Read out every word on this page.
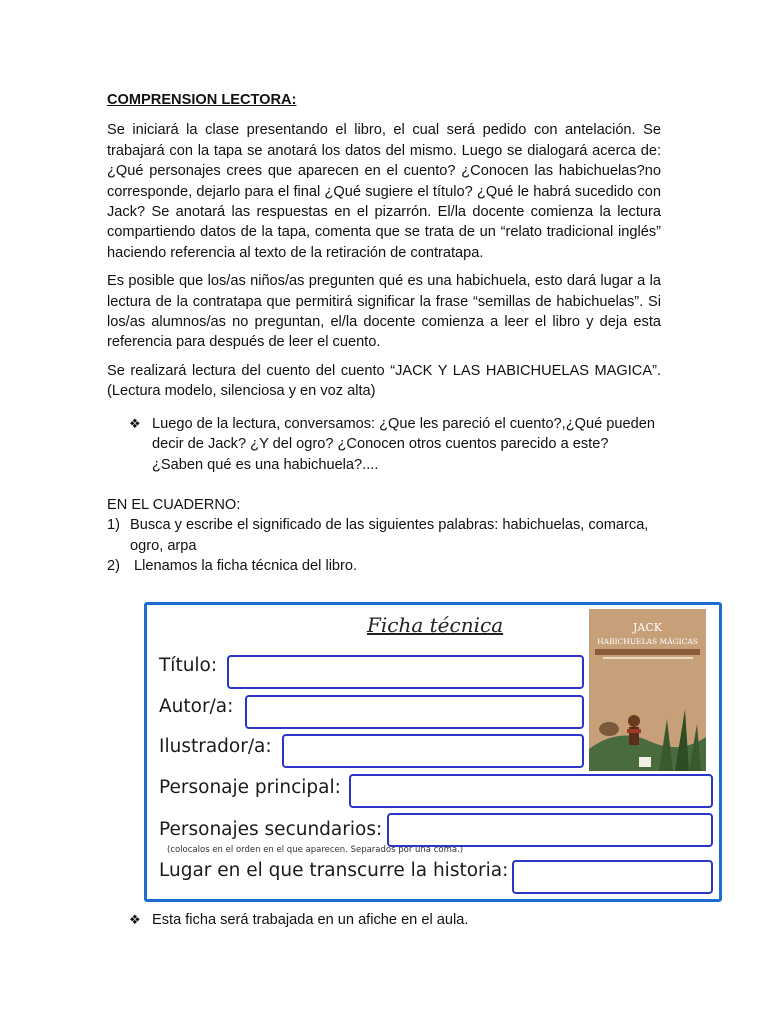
COMPRENSION LECTORA:

Se iniciará la clase presentando el libro, el cual será pedido con antelación. Se trabajará con la tapa se anotará los datos del mismo. Luego se dialogará acerca de: ¿Qué personajes crees que aparecen en el cuento? ¿Conocen las habichuelas?no corresponde, dejarlo para el final ¿Qué sugiere el título? ¿Qué le habrá sucedido con Jack? Se anotará las respuestas en el pizarrón. El/la docente comienza la lectura compartiendo datos de la tapa, comenta que se trata de un “relato tradicional inglés” haciendo referencia al texto de la retiración de contratapa.

Es posible que los/as niños/as pregunten qué es una habichuela, esto dará lugar a la lectura de la contratapa que permitirá significar la frase “semillas de habichuelas”. Si los/as alumnos/as no preguntan, el/la docente comienza a leer el libro y deja esta referencia para después de leer el cuento.

Se realizará lectura del cuento del cuento “JACK Y LAS HABICHUELAS MAGICA”. (Lectura modelo, silenciosa y en voz alta)

❖ Luego de la lectura, conversamos: ¿Que les pareció el cuento?,¿Qué pueden decir de Jack? ¿Y del ogro? ¿Conocen otros cuentos parecido a este? ¿Saben qué es una habichuela?....
EN EL CUADERNO:
1) Busca y escribe el significado de las siguientes palabras: habichuelas, comarca, ogro, arpa
2) Llenamos la ficha técnica del libro.
Ficha técnica
Título:
Autor/a:
Ilustrador/a:
Personaje principal:
Personajes secundarios:
(colocalos en el orden en el que aparecen. Separados por una coma.)
Lugar en el que transcurre la historia:
JACK
HABICHUELAS MÁGICAS
❖ Esta ficha será trabajada en un afiche en el aula.
